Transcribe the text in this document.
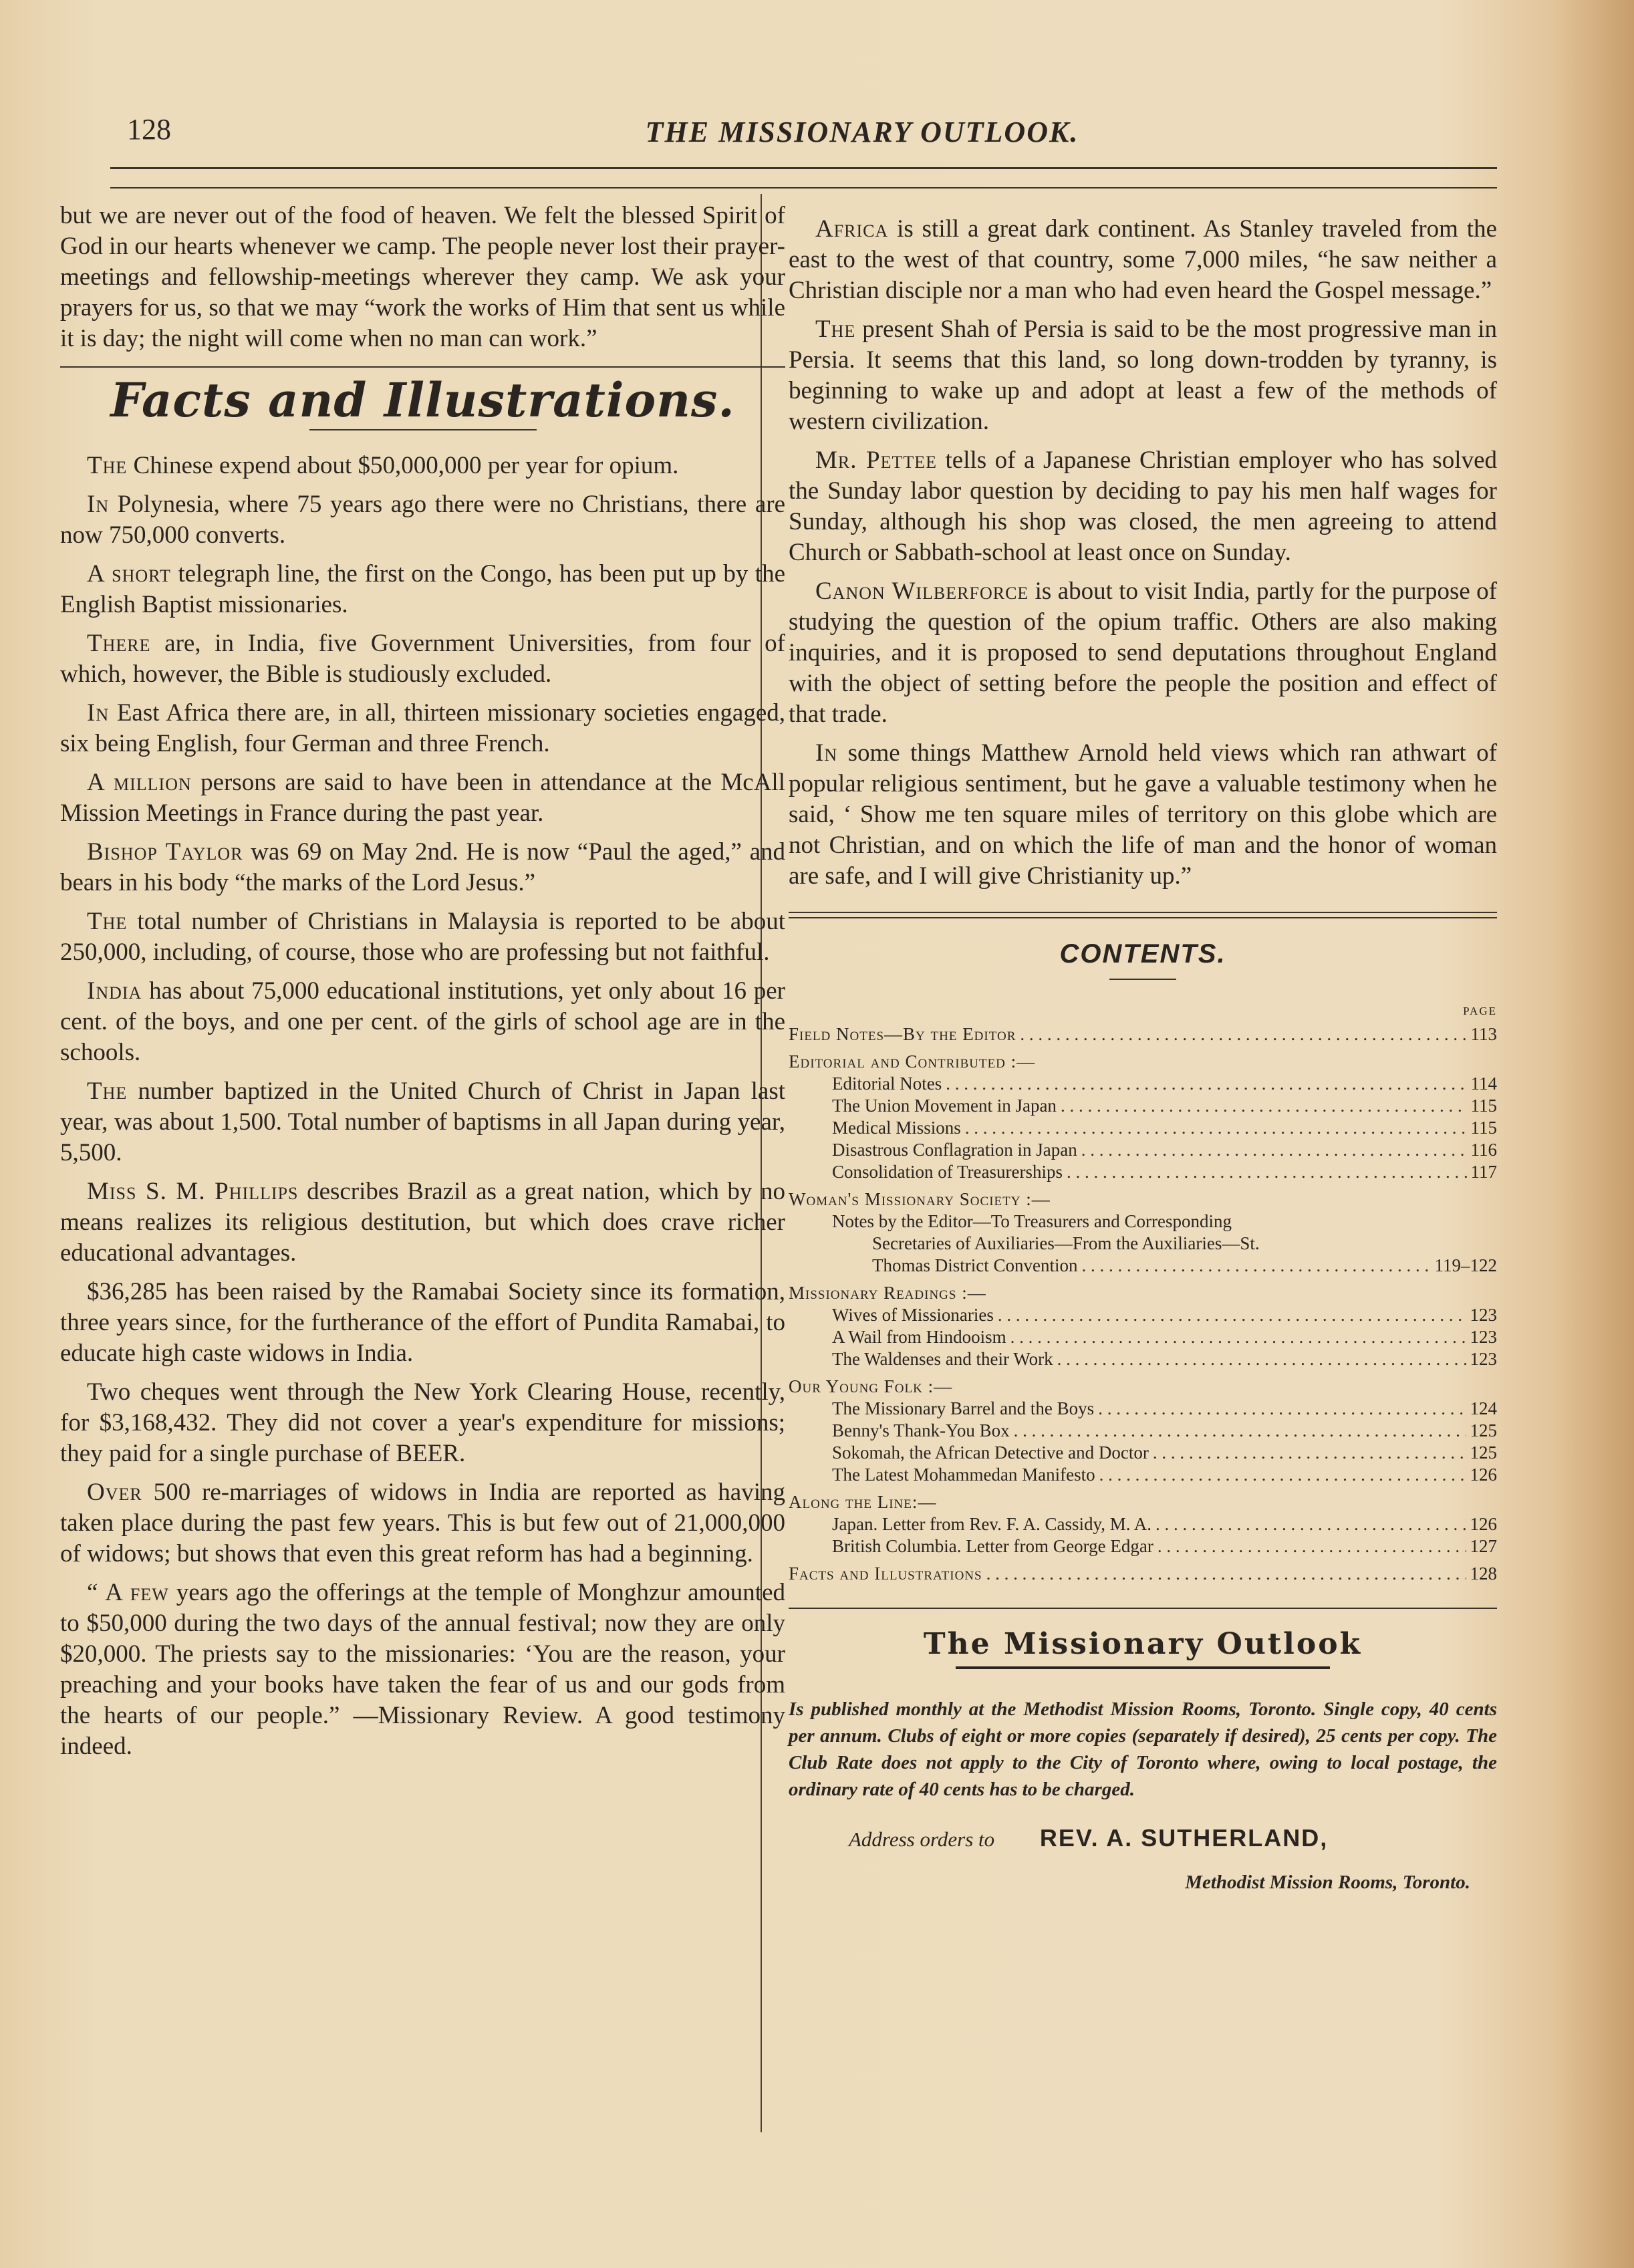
128	THE MISSIONARY OUTLOOK.

but we are never out of the food of heaven. We felt the blessed Spirit of God in our hearts whenever we camp. The people never lost their prayer-meetings and fellowship-meetings wherever they camp. We ask your prayers for us, so that we may “work the works of Him that sent us while it is day; the night will come when no man can work.”

Facts and Illustrations.

The Chinese expend about $50,000,000 per year for opium.

In Polynesia, where 75 years ago there were no Christians, there are now 750,000 converts.

A short telegraph line, the first on the Congo, has been put up by the English Baptist missionaries.

There are, in India, five Government Universities, from four of which, however, the Bible is studiously excluded.

In East Africa there are, in all, thirteen missionary societies engaged, six being English, four German and three French.

A million persons are said to have been in attendance at the McAll Mission Meetings in France during the past year.

Bishop Taylor was 69 on May 2nd. He is now “Paul the aged,” and bears in his body “the marks of the Lord Jesus.”

The total number of Christians in Malaysia is reported to be about 250,000, including, of course, those who are professing but not faithful.

India has about 75,000 educational institutions, yet only about 16 per cent. of the boys, and one per cent. of the girls of school age are in the schools.

The number baptized in the United Church of Christ in Japan last year, was about 1,500. Total number of baptisms in all Japan during year, 5,500.

Miss S. M. Phillips describes Brazil as a great nation, which by no means realizes its religious destitution, but which does crave richer educational advantages.

$36,285 has been raised by the Ramabai Society since its formation, three years since, for the furtherance of the effort of Pundita Ramabai, to educate high caste widows in India.

Two cheques went through the New York Clearing House, recently, for $3,168,432. They did not cover a year's expenditure for missions; they paid for a single purchase of BEER.

Over 500 re-marriages of widows in India are reported as having taken place during the past few years. This is but few out of 21,000,000 of widows; but shows that even this great reform has had a beginning.

“ A few years ago the offerings at the temple of Monghzur amounted to $50,000 during the two days of the annual festival; now they are only $20,000. The priests say to the missionaries: ‘You are the reason, your preaching and your books have taken the fear of us and our gods from the hearts of our people.” —Missionary Review. A good testimony indeed.

Africa is still a great dark continent. As Stanley traveled from the east to the west of that country, some 7,000 miles, “he saw neither a Christian disciple nor a man who had even heard the Gospel message.”

The present Shah of Persia is said to be the most progressive man in Persia. It seems that this land, so long down-trodden by tyranny, is beginning to wake up and adopt at least a few of the methods of western civilization.

Mr. Pettee tells of a Japanese Christian employer who has solved the Sunday labor question by deciding to pay his men half wages for Sunday, although his shop was closed, the men agreeing to attend Church or Sabbath-school at least once on Sunday.

Canon Wilberforce is about to visit India, partly for the purpose of studying the question of the opium traffic. Others are also making inquiries, and it is proposed to send deputations throughout England with the object of setting before the people the position and effect of that trade.

In some things Matthew Arnold held views which ran athwart of popular religious sentiment, but he gave a valuable testimony when he said, ‘ Show me ten square miles of territory on this globe which are not Christian, and on which the life of man and the honor of woman are safe, and I will give Christianity up.”

CONTENTS.
PAGE
Field Notes—By the Editor . . .	113
Editorial and Contributed :—
Editorial Notes . . .	114
The Union Movement in Japan . . .	115
Medical Missions . . .	115
Disastrous Conflagration in Japan . . .	116
Consolidation of Treasurerships . . .	117
Woman's Missionary Society :—
Notes by the Editor—To Treasurers and Corresponding
Secretaries of Auxiliaries—From the Auxiliaries—St.
Thomas District Convention . . .	119–122
Missionary Readings :—
Wives of Missionaries . . .	123
A Wail from Hindooism . . .	123
The Waldenses and their Work . . .	123
Our Young Folk :—
The Missionary Barrel and the Boys . . .	124
Benny's Thank-You Box . . .	125
Sokomah, the African Detective and Doctor . . .	125
The Latest Mohammedan Manifesto . . .	126
Along the Line:—
Japan. Letter from Rev. F. A. Cassidy, M. A. . . .	126
British Columbia. Letter from George Edgar . . .	127
Facts and Illustrations . . .	128
The Missionary Outlook
Is published monthly at the Methodist Mission Rooms, Toronto. Single copy, 40 cents per annum. Clubs of eight or more copies (separately if desired), 25 cents per copy. The Club Rate does not apply to the City of Toronto where, owing to local postage, the ordinary rate of 40 cents has to be charged.
Address orders to REV. A. SUTHERLAND,
Methodist Mission Rooms, Toronto.
